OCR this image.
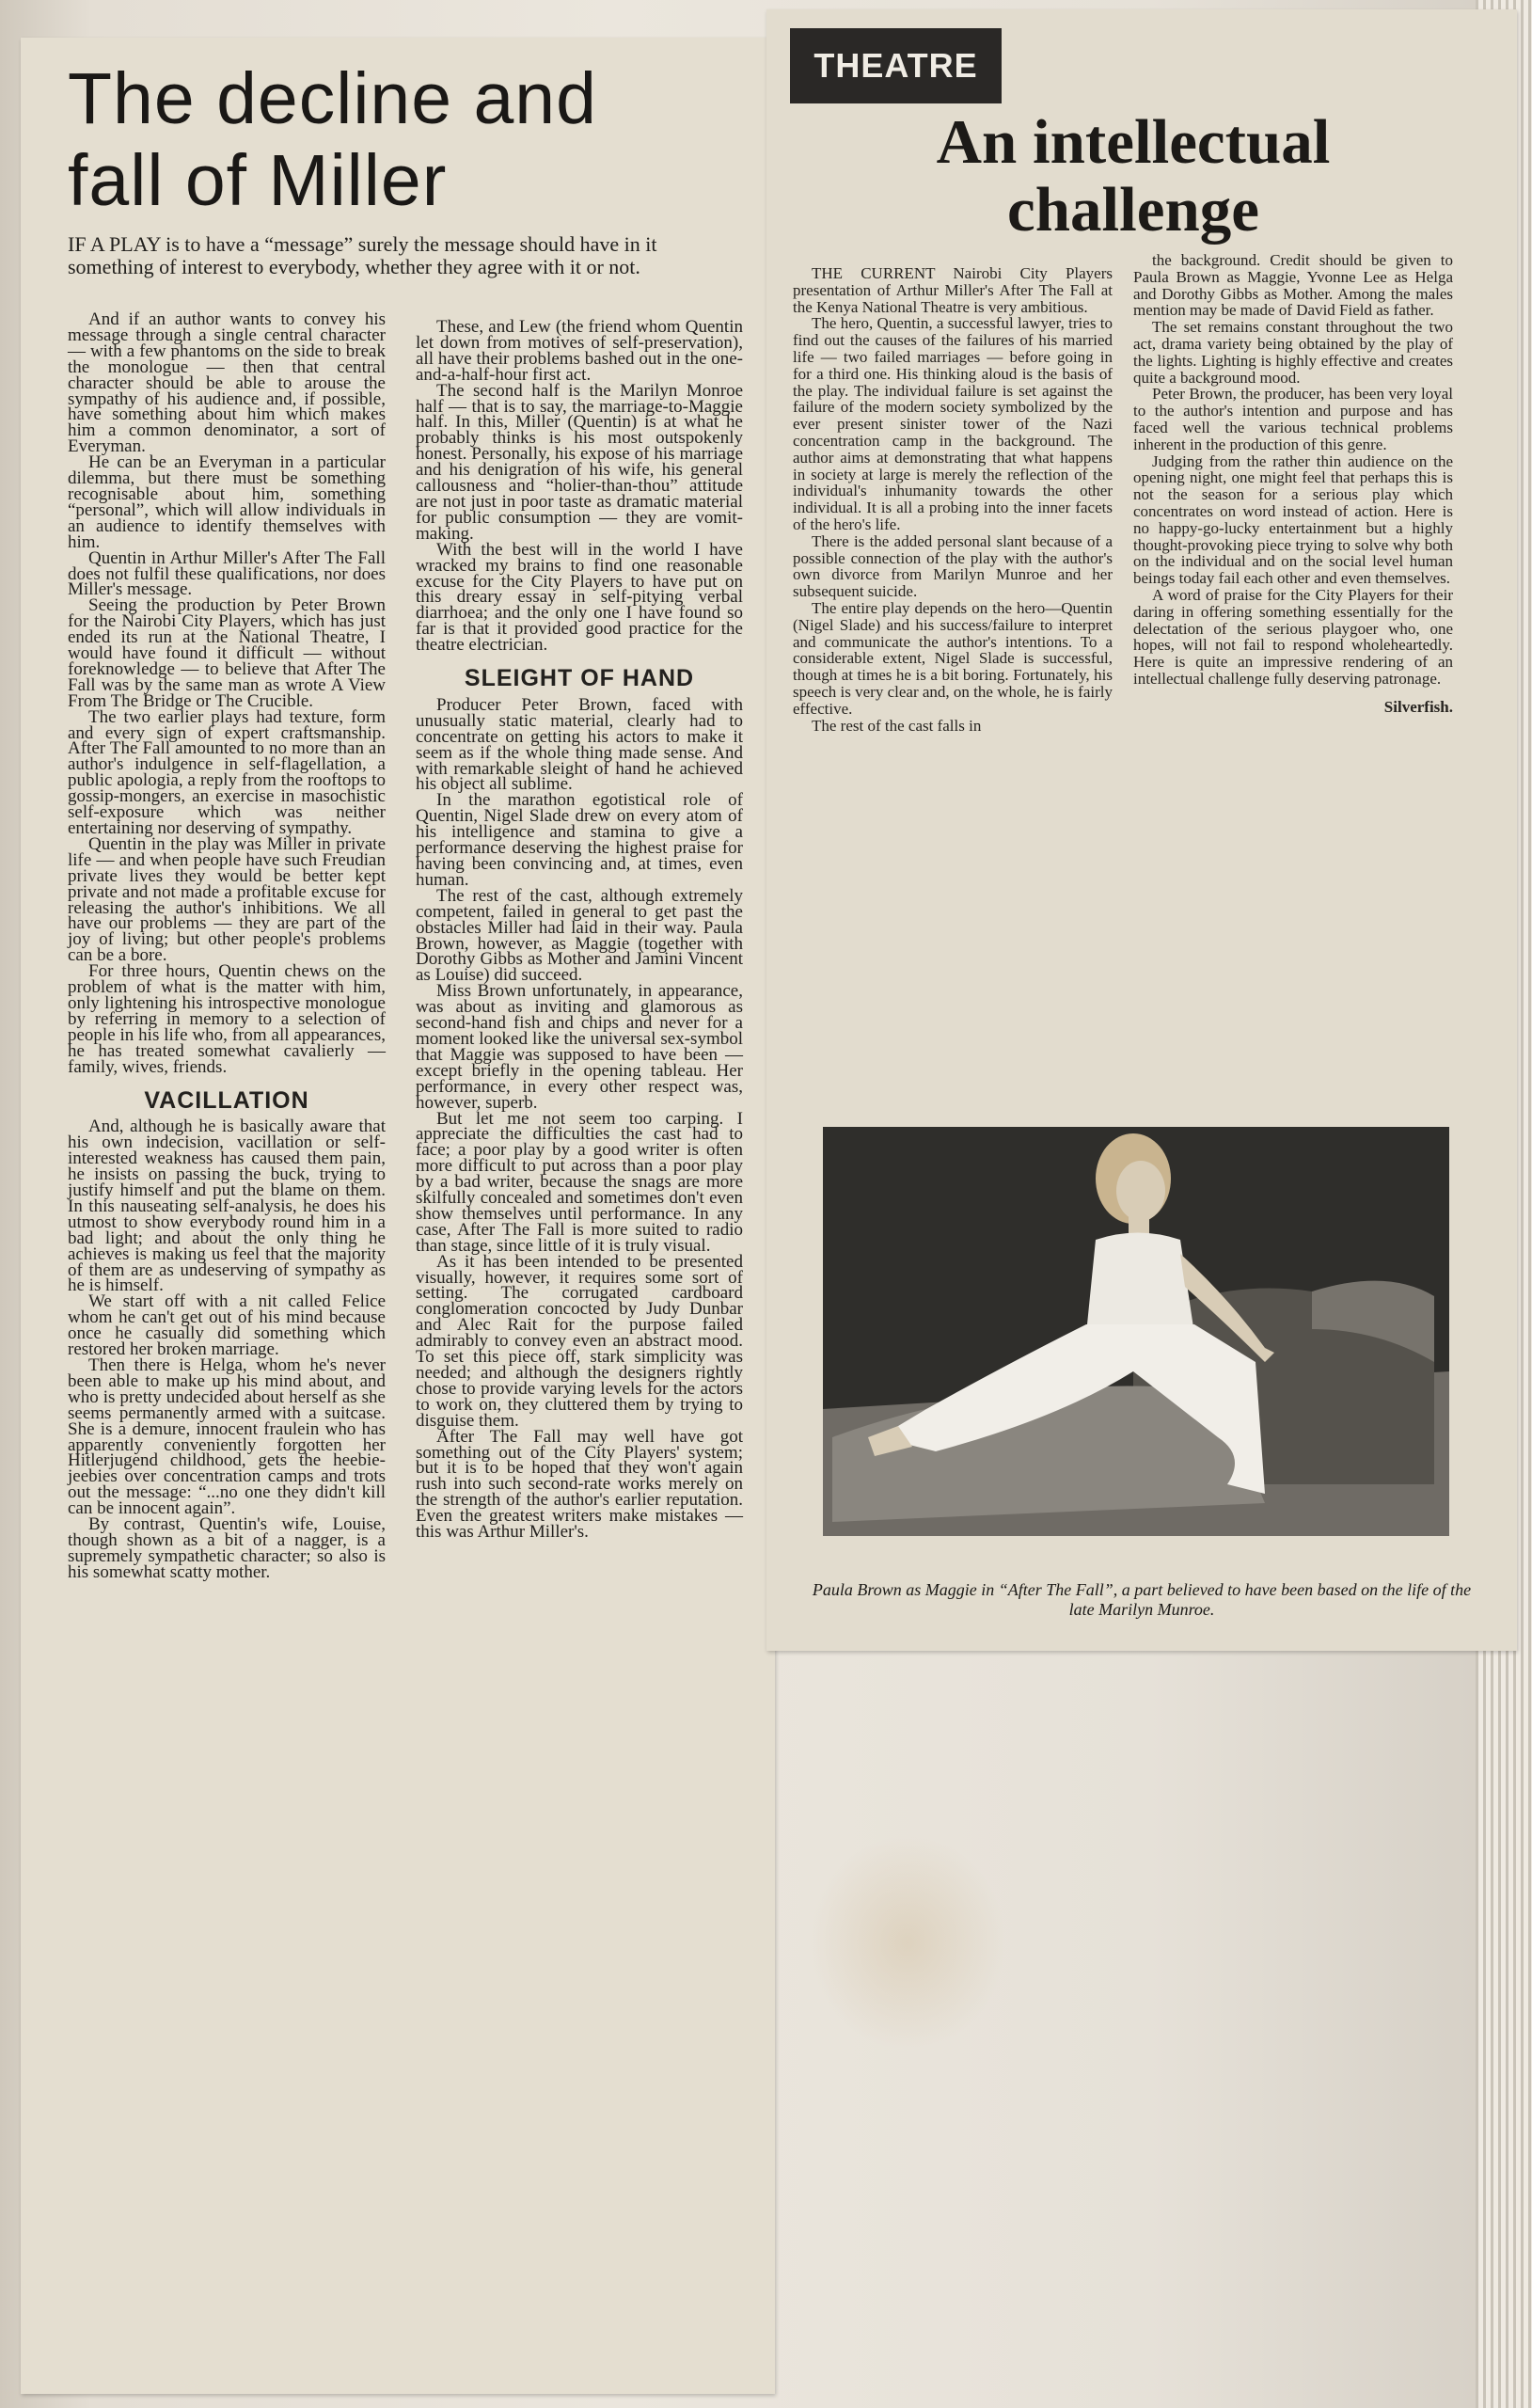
The decline and
fall of Miller

IF A PLAY is to have a “message” surely the message should have in it something of interest to everybody, whether they agree with it or not.

And if an author wants to convey his message through a single central character — with a few phantoms on the side to break the monologue — then that central character should be able to arouse the sympathy of his audience and, if possible, have something about him which makes him a common denominator, a sort of Everyman.

He can be an Everyman in a particular dilemma, but there must be something recognisable about him, something “personal”, which will allow individuals in an audience to identify themselves with him.

Quentin in Arthur Miller's After The Fall does not fulfil these qualifications, nor does Miller's message.

Seeing the production by Peter Brown for the Nairobi City Players, which has just ended its run at the National Theatre, I would have found it difficult — without foreknowledge — to believe that After The Fall was by the same man as wrote A View From The Bridge or The Crucible.

The two earlier plays had texture, form and every sign of expert craftsmanship. After The Fall amounted to no more than an author's indulgence in self-flagellation, a public apologia, a reply from the rooftops to gossip-mongers, an exercise in masochistic self-exposure which was neither entertaining nor deserving of sympathy.

Quentin in the play was Miller in private life — and when people have such Freudian private lives they would be better kept private and not made a profitable excuse for releasing the author's inhibitions. We all have our problems — they are part of the joy of living; but other people's problems can be a bore.

For three hours, Quentin chews on the problem of what is the matter with him, only lightening his introspective monologue by referring in memory to a selection of people in his life who, from all appearances, he has treated somewhat cavalierly — family, wives, friends.

VACILLATION

And, although he is basically aware that his own indecision, vacillation or self-interested weakness has caused them pain, he insists on passing the buck, trying to justify himself and put the blame on them. In this nauseating self-analysis, he does his utmost to show everybody round him in a bad light; and about the only thing he achieves is making us feel that the majority of them are as undeserving of sympathy as he is himself.

We start off with a nit called Felice whom he can't get out of his mind because once he casually did something which restored her broken marriage.

Then there is Helga, whom he's never been able to make up his mind about, and who is pretty undecided about herself as she seems permanently armed with a suitcase. She is a demure, innocent fraulein who has apparently conveniently forgotten her Hitlerjugend childhood, gets the heebie-jeebies over concentration camps and trots out the message: “...no one they didn't kill can be innocent again”.

By contrast, Quentin's wife, Louise, though shown as a bit of a nagger, is a supremely sympathetic character; so also is his somewhat scatty mother.

These, and Lew (the friend whom Quentin let down from motives of self-preservation), all have their problems bashed out in the one-and-a-half-hour first act.

The second half is the Marilyn Monroe half — that is to say, the marriage-to-Maggie half. In this, Miller (Quentin) is at what he probably thinks is his most outspokenly honest. Personally, his expose of his marriage and his denigration of his wife, his general callousness and “holier-than-thou” attitude are not just in poor taste as dramatic material for public consumption — they are vomit-making.

With the best will in the world I have wracked my brains to find one reasonable excuse for the City Players to have put on this dreary essay in self-pitying verbal diarrhoea; and the only one I have found so far is that it provided good practice for the theatre electrician.

SLEIGHT OF HAND

Producer Peter Brown, faced with unusually static material, clearly had to concentrate on getting his actors to make it seem as if the whole thing made sense. And with remarkable sleight of hand he achieved his object all sublime.

In the marathon egotistical role of Quentin, Nigel Slade drew on every atom of his intelligence and stamina to give a performance deserving the highest praise for having been convincing and, at times, even human.

The rest of the cast, although extremely competent, failed in general to get past the obstacles Miller had laid in their way. Paula Brown, however, as Maggie (together with Dorothy Gibbs as Mother and Jamini Vincent as Louise) did succeed.

Miss Brown unfortunately, in appearance, was about as inviting and glamorous as second-hand fish and chips and never for a moment looked like the universal sex-symbol that Maggie was supposed to have been — except briefly in the opening tableau. Her performance, in every other respect was, however, superb.

But let me not seem too carping. I appreciate the difficulties the cast had to face; a poor play by a good writer is often more difficult to put across than a poor play by a bad writer, because the snags are more skilfully concealed and sometimes don't even show themselves until performance. In any case, After The Fall is more suited to radio than stage, since little of it is truly visual.

As it has been intended to be presented visually, however, it requires some sort of setting. The corrugated cardboard conglomeration concocted by Judy Dunbar and Alec Rait for the purpose failed admirably to convey even an abstract mood. To set this piece off, stark simplicity was needed; and although the designers rightly chose to provide varying levels for the actors to work on, they cluttered them by trying to disguise them.

After The Fall may well have got something out of the City Players' system; but it is to be hoped that they won't again rush into such second-rate works merely on the strength of the author's earlier reputation. Even the greatest writers make mistakes — this was Arthur Miller's.

THEATRE
An intellectual
challenge

THE CURRENT Nairobi City Players presentation of Arthur Miller's After The Fall at the Kenya National Theatre is very ambitious.

The hero, Quentin, a successful lawyer, tries to find out the causes of the failures of his married life — two failed marriages — before going in for a third one. His thinking aloud is the basis of the play. The individual failure is set against the failure of the modern society symbolized by the ever present sinister tower of the Nazi concentration camp in the background. The author aims at demonstrating that what happens in society at large is merely the reflection of the individual's inhumanity towards the other individual. It is all a probing into the inner facets of the hero's life.

There is the added personal slant because of a possible connection of the play with the author's own divorce from Marilyn Munroe and her subsequent suicide.

The entire play depends on the hero—Quentin (Nigel Slade) and his success/failure to interpret and communicate the author's intentions. To a considerable extent, Nigel Slade is successful, though at times he is a bit boring. Fortunately, his speech is very clear and, on the whole, he is fairly effective.

The rest of the cast falls in

the background. Credit should be given to Paula Brown as Maggie, Yvonne Lee as Helga and Dorothy Gibbs as Mother. Among the males mention may be made of David Field as father.

The set remains constant throughout the two act, drama variety being obtained by the play of the lights. Lighting is highly effective and creates quite a background mood.

Peter Brown, the producer, has been very loyal to the author's intention and purpose and has faced well the various technical problems inherent in the production of this genre.

Judging from the rather thin audience on the opening night, one might feel that perhaps this is not the season for a serious play which concentrates on word instead of action. Here is no happy-go-lucky entertainment but a highly thought-provoking piece trying to solve why both on the individual and on the social level human beings today fail each other and even themselves.

A word of praise for the City Players for their daring in offering something essentially for the delectation of the serious playgoer who, one hopes, will not fail to respond wholeheartedly. Here is quite an impressive rendering of an intellectual challenge fully deserving patronage.

Silverfish.

Paula Brown as Maggie in “After The Fall”, a part believed to have been based on the life of the late Marilyn Munroe.
